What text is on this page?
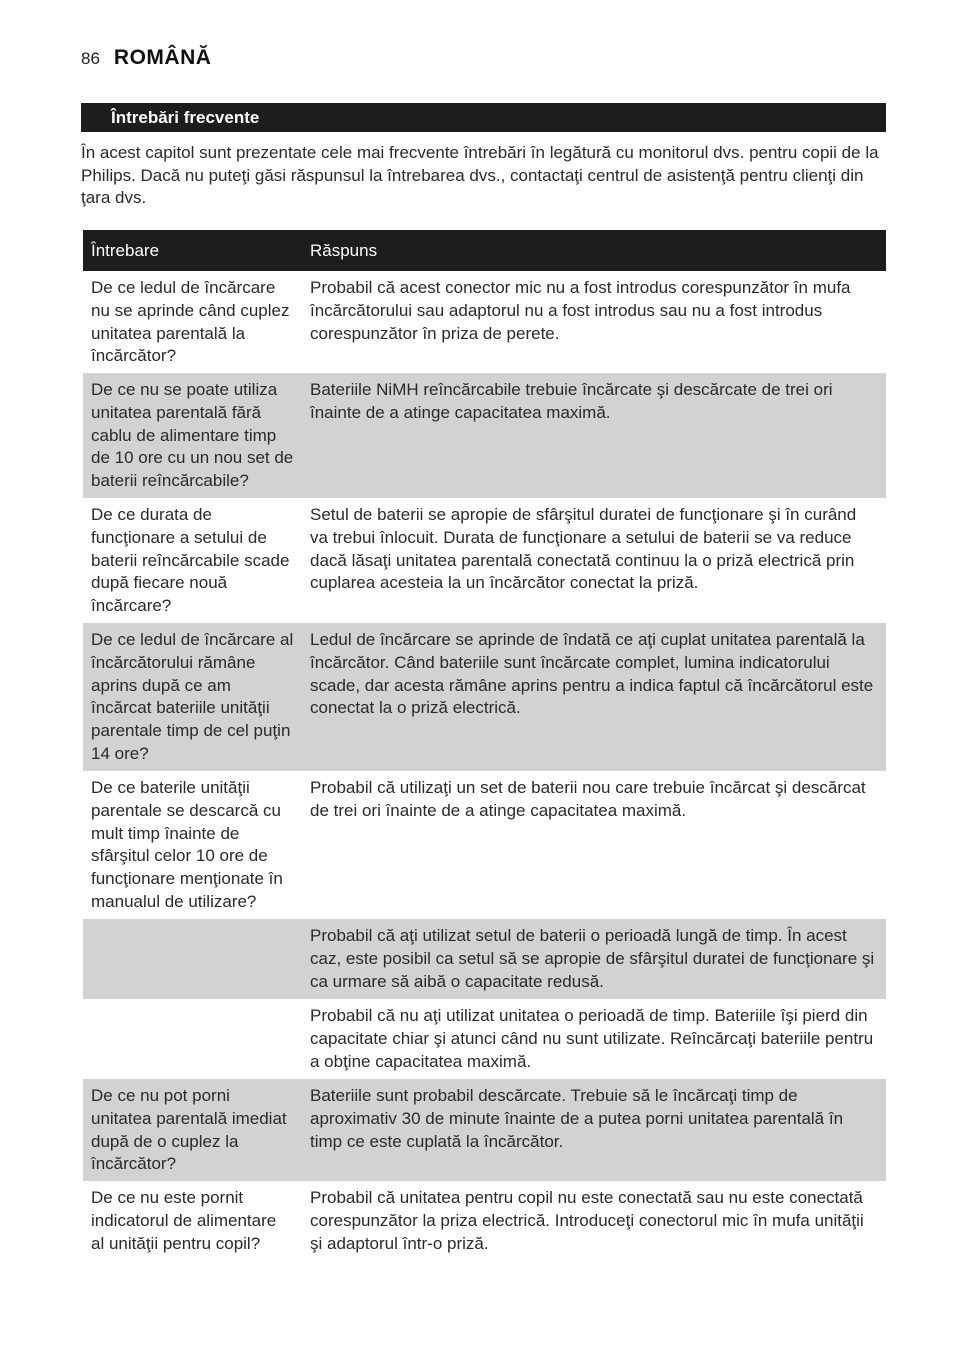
86 ROMÂNĂ
Întrebări frecvente

În acest capitol sunt prezentate cele mai frecvente întrebări în legătură cu monitorul dvs. pentru copii de la Philips. Dacă nu puteţi găsi răspunsul la întrebarea dvs., contactaţi centrul de asistenţă pentru clienţi din ţara dvs.

Întrebare	Răspuns
De ce ledul de încărcare nu se aprinde când cuplez unitatea parentală la încărcător?
Probabil că acest conector mic nu a fost introdus corespunzător în mufa încărcătorului sau adaptorul nu a fost introdus sau nu a fost introdus corespunzător în priza de perete.
De ce nu se poate utiliza unitatea parentală fără cablu de alimentare timp de 10 ore cu un nou set de baterii reîncărcabile?
Bateriile NiMH reîncărcabile trebuie încărcate şi descărcate de trei ori înainte de a atinge capacitatea maximă.
De ce durata de funcţionare a setului de baterii reîncărcabile scade după fiecare nouă încărcare?
Setul de baterii se apropie de sfârşitul duratei de funcţionare şi în curând va trebui înlocuit. Durata de funcţionare a setului de baterii se va reduce dacă lăsaţi unitatea parentală conectată continuu la o priză electrică prin cuplarea acesteia la un încărcător conectat la priză.
De ce ledul de încărcare al încărcătorului rămâne aprins după ce am încărcat bateriile unităţii parentale timp de cel puţin 14 ore?
Ledul de încărcare se aprinde de îndată ce aţi cuplat unitatea parentală la încărcător. Când bateriile sunt încărcate complet, lumina indicatorului scade, dar acesta rămâne aprins pentru a indica faptul că încărcătorul este conectat la o priză electrică.
De ce baterile unităţii parentale se descarcă cu mult timp înainte de sfârşitul celor 10 ore de funcţionare menţionate în manualul de utilizare?
Probabil că utilizaţi un set de baterii nou care trebuie încărcat şi descărcat de trei ori înainte de a atinge capacitatea maximă.
Probabil că aţi utilizat setul de baterii o perioadă lungă de timp. În acest caz, este posibil ca setul să se apropie de sfârşitul duratei de funcţionare şi ca urmare să aibă o capacitate redusă.
Probabil că nu aţi utilizat unitatea o perioadă de timp. Bateriile îşi pierd din capacitate chiar şi atunci când nu sunt utilizate. Reîncărcaţi bateriile pentru a obţine capacitatea maximă.
De ce nu pot porni unitatea parentală imediat după de o cuplez la încărcător?
Bateriile sunt probabil descărcate. Trebuie să le încărcaţi timp de aproximativ 30 de minute înainte de a putea porni unitatea parentală în timp ce este cuplată la încărcător.
De ce nu este pornit indicatorul de alimentare al unităţii pentru copil?
Probabil că unitatea pentru copil nu este conectată sau nu este conectată corespunzător la priza electrică. Introduceţi conectorul mic în mufa unităţii şi adaptorul într-o priză.
